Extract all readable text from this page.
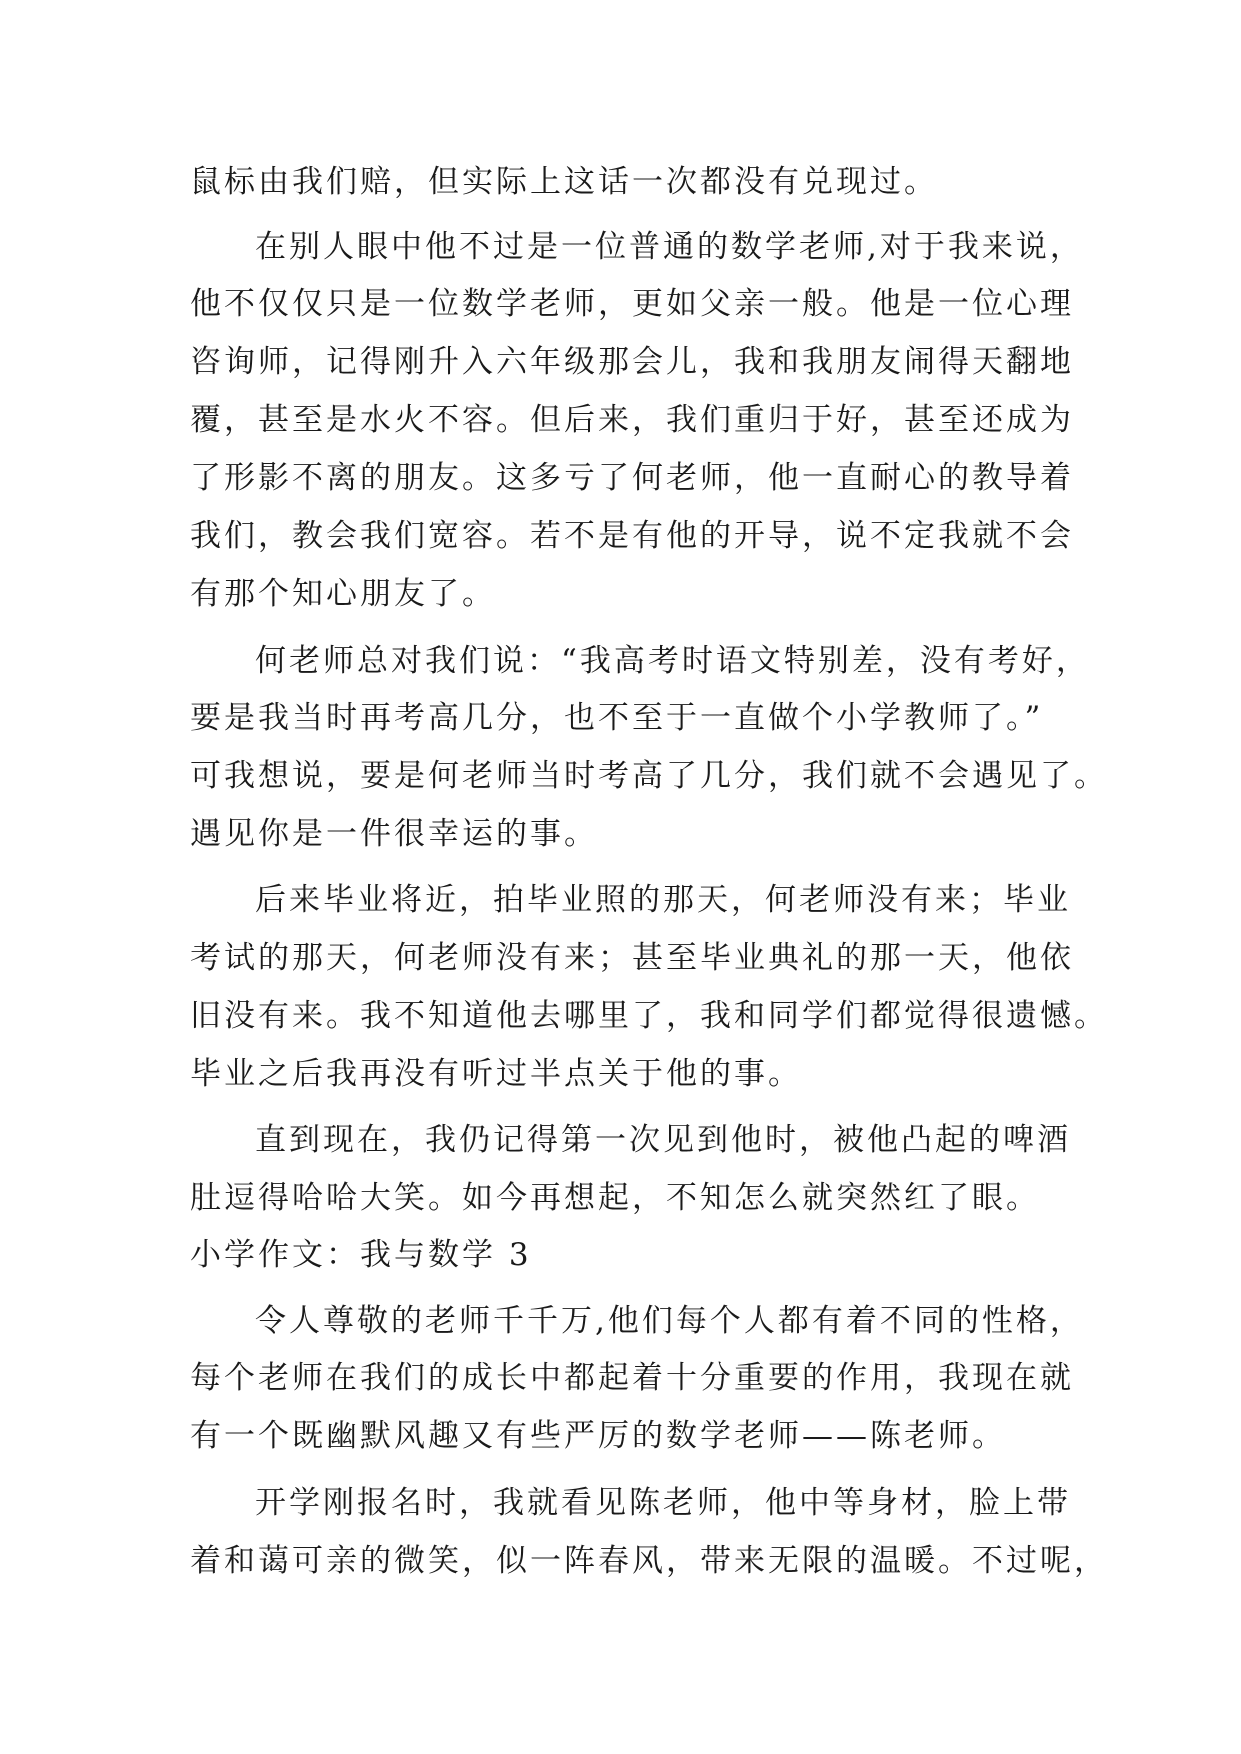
鼠标由我们赔，但实际上这话一次都没有兑现过。
在别人眼中他不过是一位普通的数学老师,对于我来说，
他不仅仅只是一位数学老师，更如父亲一般。他是一位心理
咨询师，记得刚升入六年级那会儿，我和我朋友闹得天翻地
覆，甚至是水火不容。但后来，我们重归于好，甚至还成为
了形影不离的朋友。这多亏了何老师，他一直耐心的教导着
我们，教会我们宽容。若不是有他的开导，说不定我就不会
有那个知心朋友了。
何老师总对我们说：“我高考时语文特别差，没有考好，
要是我当时再考高几分，也不至于一直做个小学教师了。”
可我想说，要是何老师当时考高了几分，我们就不会遇见了。
遇见你是一件很幸运的事。
后来毕业将近，拍毕业照的那天，何老师没有来；毕业
考试的那天，何老师没有来；甚至毕业典礼的那一天，他依
旧没有来。我不知道他去哪里了，我和同学们都觉得很遗憾。
毕业之后我再没有听过半点关于他的事。
直到现在，我仍记得第一次见到他时，被他凸起的啤酒
肚逗得哈哈大笑。如今再想起，不知怎么就突然红了眼。
小学作文：我与数学 3
令人尊敬的老师千千万,他们每个人都有着不同的性格，
每个老师在我们的成长中都起着十分重要的作用，我现在就
有一个既幽默风趣又有些严厉的数学老师——陈老师。
开学刚报名时，我就看见陈老师，他中等身材，脸上带
着和蔼可亲的微笑，似一阵春风，带来无限的温暖。不过呢，
